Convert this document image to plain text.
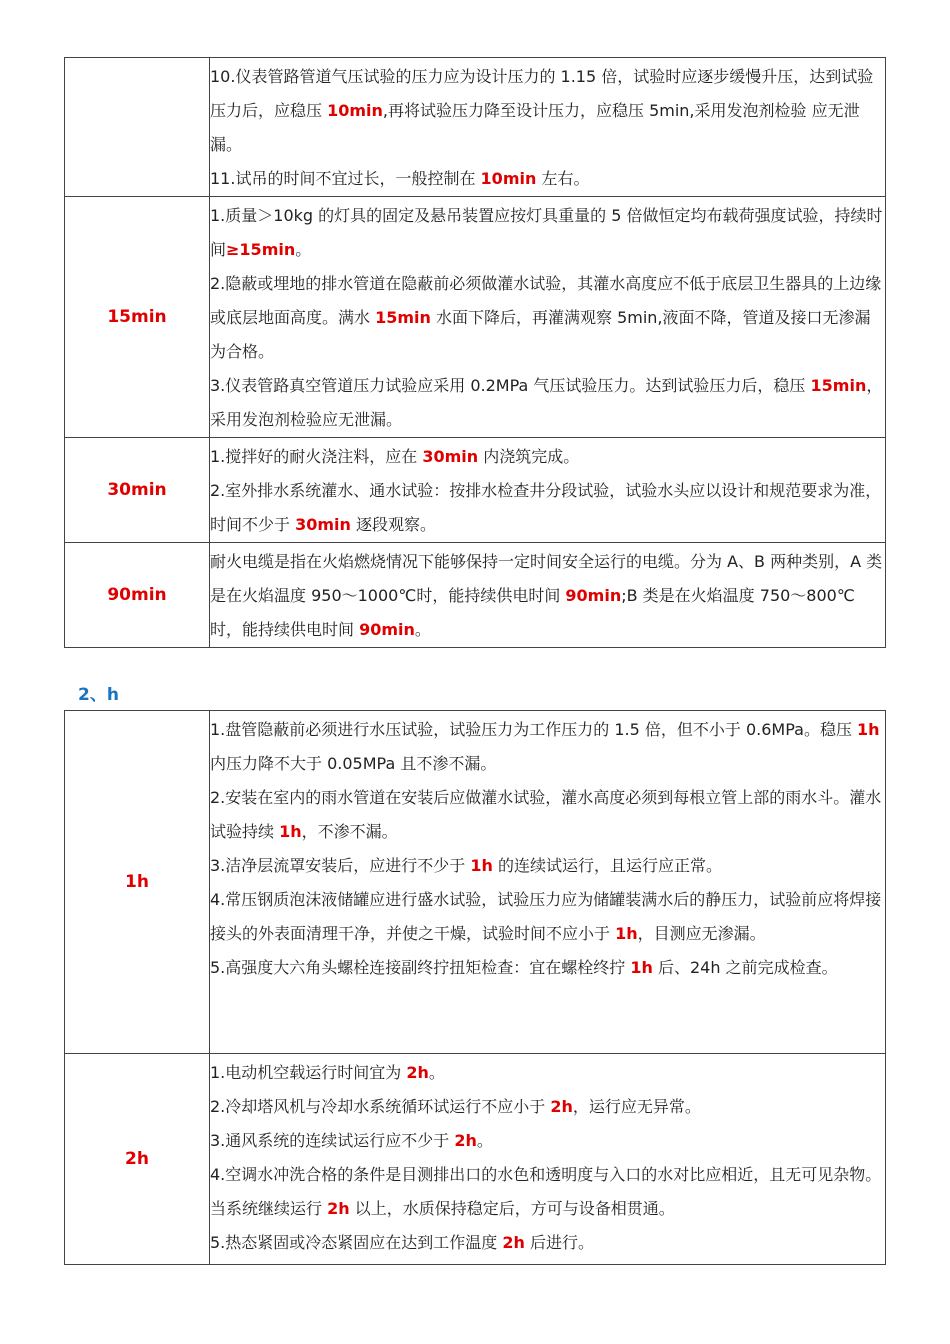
	10.仪表管路管道气压试验的压力应为设计压力的 1.15 倍，试验时应逐步缓慢升压，达到试验压力后，应稳压 10min,再将试验压力降至设计压力，应稳压 5min,采用发泡剂检验 应无泄漏。

11.试吊的时间不宜过长，一般控制在 10min 左右。

15min	1.质量＞10kg 的灯具的固定及悬吊装置应按灯具重量的 5 倍做恒定均布载荷强度试验，持续时间≥15min。

2.隐蔽或埋地的排水管道在隐蔽前必须做灌水试验，其灌水高度应不低于底层卫生器具的上边缘或底层地面高度。满水 15min 水面下降后，再灌满观察 5min,液面不降，管道及接口无渗漏为合格。

3.仪表管路真空管道压力试验应采用 0.2MPa 气压试验压力。达到试验压力后，稳压 15min，采用发泡剂检验应无泄漏。

30min	1.搅拌好的耐火浇注料，应在 30min 内浇筑完成。

2.室外排水系统灌水、通水试验：按排水检查井分段试验，试验水头应以设计和规范要求为准，时间不少于 30min 逐段观察。

90min	耐火电缆是指在火焰燃烧情况下能够保持一定时间安全运行的电缆。分为 A、B 两种类别，A 类是在火焰温度 950～1000℃时，能持续供电时间 90min;B 类是在火焰温度 750～800℃时，能持续供电时间 90min。

2、h

1h	1.盘管隐蔽前必须进行水压试验，试验压力为工作压力的 1.5 倍，但不小于 0.6MPa。稳压 1h 内压力降不大于 0.05MPa 且不渗不漏。

2.安装在室内的雨水管道在安装后应做灌水试验，灌水高度必须到每根立管上部的雨水斗。灌水试验持续 1h，不渗不漏。

3.洁净层流罩安装后，应进行不少于 1h 的连续试运行，且运行应正常。

4.常压钢质泡沫液储罐应进行盛水试验，试验压力应为储罐装满水后的静压力，试验前应将焊接接头的外表面清理干净，并使之干燥，试验时间不应小于 1h，目测应无渗漏。

5.高强度大六角头螺栓连接副终拧扭矩检查：宜在螺栓终拧 1h 后、24h 之前完成检查。

2h	1.电动机空载运行时间宜为 2h。

2.冷却塔风机与冷却水系统循环试运行不应小于 2h，运行应无异常。

3.通风系统的连续试运行应不少于 2h。

4.空调水冲洗合格的条件是目测排出口的水色和透明度与入口的水对比应相近，且无可见杂物。当系统继续运行 2h 以上，水质保持稳定后，方可与设备相贯通。

5.热态紧固或冷态紧固应在达到工作温度 2h 后进行。
